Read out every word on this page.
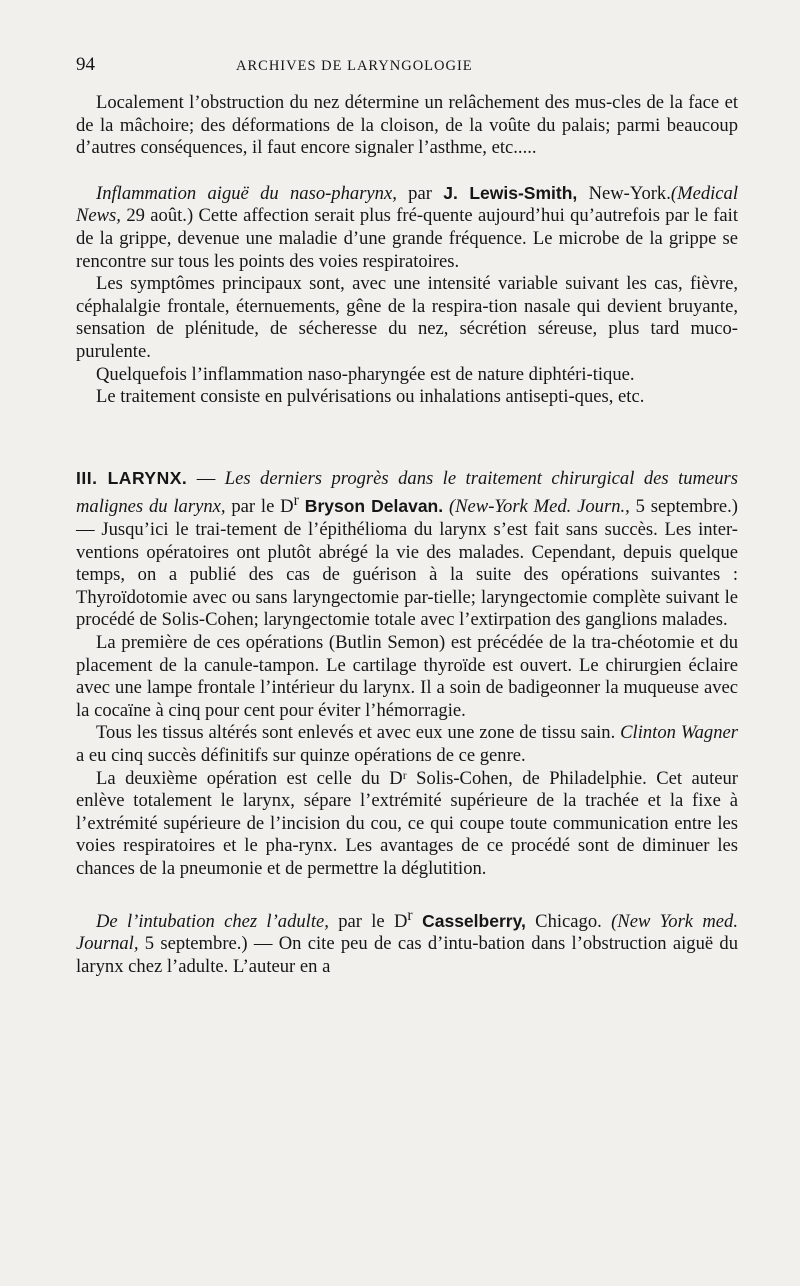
94	ARCHIVES DE LARYNGOLOGIE

Localement l’obstruction du nez détermine un relâchement des mus-cles de la face et de la mâchoire; des déformations de la cloison, de la voûte du palais; parmi beaucoup d’autres conséquences, il faut encore signaler l’asthme, etc.....

Inflammation aiguë du naso-pharynx, par J. Lewis-Smith, New-York.(Medical News, 29 août.) Cette affection serait plus fré-quente aujourd’hui qu’autrefois par le fait de la grippe, devenue une maladie d’une grande fréquence. Le microbe de la grippe se rencontre sur tous les points des voies respiratoires.

Les symptômes principaux sont, avec une intensité variable suivant les cas, fièvre, céphalalgie frontale, éternuements, gêne de la respira-tion nasale qui devient bruyante, sensation de plénitude, de sécheresse du nez, sécrétion séreuse, plus tard muco-purulente.

Quelquefois l’inflammation naso-pharyngée est de nature diphtéri-tique.

Le traitement consiste en pulvérisations ou inhalations antisepti-ques, etc.

III. LARYNX. — Les derniers progrès dans le traitement chirurgical des tumeurs malignes du larynx, par le $D^r$ Bryson Delavan. (New-York Med. Journ., 5 septembre.)— Jusqu’ici le trai-tement de l’épithélioma du larynx s’est fait sans succès. Les inter-ventions opératoires ont plutôt abrégé la vie des malades. Cependant, depuis quelque temps, on a publié des cas de guérison à la suite des opérations suivantes : Thyroïdotomie avec ou sans laryngectomie par-tielle; laryngectomie complète suivant le procédé de Solis-Cohen; laryngectomie totale avec l’extirpation des ganglions malades.

La première de ces opérations (Butlin Semon) est précédée de la tra-chéotomie et du placement de la canule-tampon. Le cartilage thyroïde est ouvert. Le chirurgien éclaire avec une lampe frontale l’intérieur du larynx. Il a soin de badigeonner la muqueuse avec la cocaïne à cinq pour cent pour éviter l’hémorragie.

Tous les tissus altérés sont enlevés et avec eux une zone de tissu sain. Clinton Wagner a eu cinq succès définitifs sur quinze opérations de ce genre.

La deuxième opération est celle du Dʳ Solis-Cohen, de Philadelphie. Cet auteur enlève totalement le larynx, sépare l’extrémité supérieure de la trachée et la fixe à l’extrémité supérieure de l’incision du cou, ce qui coupe toute communication entre les voies respiratoires et le pha-rynx. Les avantages de ce procédé sont de diminuer les chances de la pneumonie et de permettre la déglutition.

De l’intubation chez l’adulte, par le $D^r$ Casselberry, Chicago. (New York med. Journal, 5 septembre.) — On cite peu de cas d’intu-bation dans l’obstruction aiguë du larynx chez l’adulte. L’auteur en a
